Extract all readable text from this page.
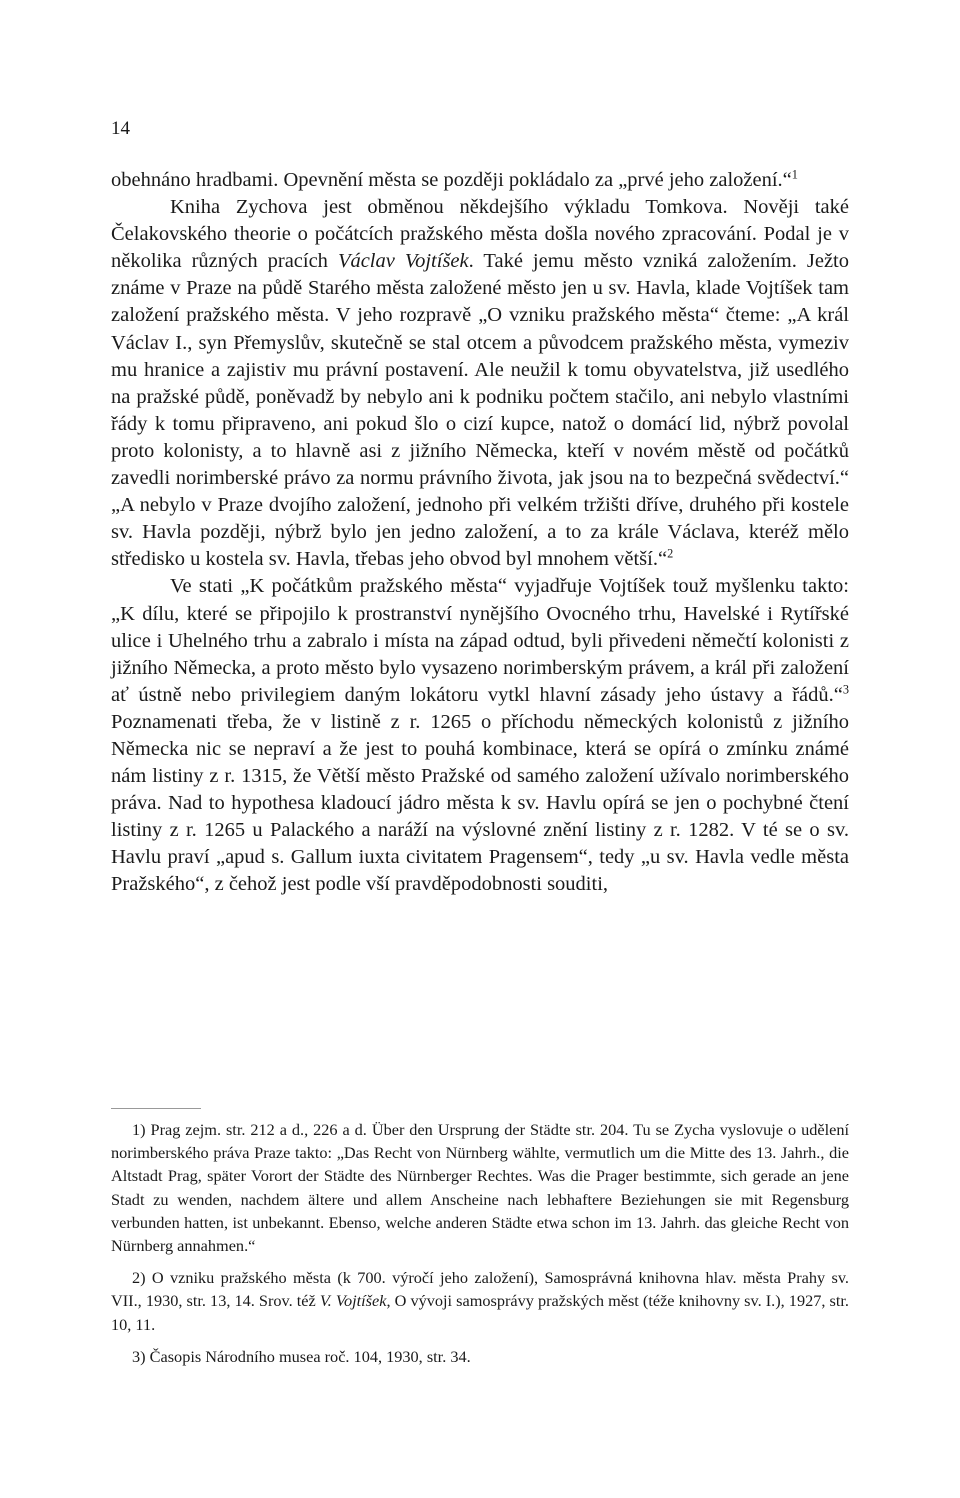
14

obehnáno hradbami. Opevnění města se později pokládalo za „prvé jeho založení.“$^1$

Kniha Zychova jest obměnou někdejšího výkladu Tomkova. Nověji také Čelakovského theorie o počátcích pražského města došla nového zpracování. Podal je v několika různých pracích Václav Vojtíšek. Také jemu město vzniká založením. Ježto známe v Praze na půdě Starého města založené město jen u sv. Havla, klade Vojtíšek tam založení pražského města. V jeho rozpravě „O vzniku pražského města“ čteme: „A král Václav I., syn Přemyslův, skutečně se stal otcem a původcem pražského města, vymeziv mu hranice a zajistiv mu právní postavení. Ale neužil k tomu obyvatelstva, již usedlého na pražské půdě, poněvadž by nebylo ani k podniku počtem stačilo, ani nebylo vlastními řády k tomu připraveno, ani pokud šlo o cizí kupce, natož o domácí lid, nýbrž povolal proto kolonisty, a to hlavně asi z jižního Německa, kteří v novém městě od počátků zavedli norimberské právo za normu právního života, jak jsou na to bezpečná svědectví.“ „A nebylo v Praze dvojího založení, jednoho při velkém tržišti dříve, druhého při kostele sv. Havla později, nýbrž bylo jen jedno založení, a to za krále Václava, kteréž mělo středisko u kostela sv. Havla, třebas jeho obvod byl mnohem větší.“$^2$

Ve stati „K počátkům pražského města“ vyjadřuje Vojtíšek touž myšlenku takto: „K dílu, které se připojilo k prostranství nynějšího Ovocného trhu, Havelské i Rytířské ulice i Uhelného trhu a zabralo i místa na západ odtud, byli přivedeni němečtí kolonisti z jižního Německa, a proto město bylo vysazeno norimberským právem, a král při založení ať ústně nebo privilegiem daným lokátoru vytkl hlavní zásady jeho ústavy a řádů.“$^3$ Poznamenati třeba, že v listině z r. 1265 o příchodu německých kolonistů z jižního Německa nic se nepraví a že jest to pouhá kombinace, která se opírá o zmínku známé nám listiny z r. 1315, že Větší město Pražské od samého založení užívalo norimberského práva. Nad to hypothesa kladoucí jádro města k sv. Havlu opírá se jen o pochybné čtení listiny z r. 1265 u Palackého a naráží na výslovné znění listiny z r. 1282. V té se o sv. Havlu praví „apud s. Gallum iuxta civitatem Pragensem“, tedy „u sv. Havla vedle města Pražského“, z čehož jest podle vší pravděpodobnosti souditi,

1) Prag zejm. str. 212 a d., 226 a d. Über den Ursprung der Städte str. 204. Tu se Zycha vyslovuje o udělení norimberského práva Praze takto: „Das Recht von Nürnberg wählte, vermutlich um die Mitte des 13. Jahrh., die Altstadt Prag, später Vorort der Städte des Nürnberger Rechtes. Was die Prager bestimmte, sich gerade an jene Stadt zu wenden, nachdem ältere und allem Anscheine nach lebhaftere Beziehungen sie mit Regensburg verbunden hatten, ist unbekannt. Ebenso, welche anderen Städte etwa schon im 13. Jahrh. das gleiche Recht von Nürnberg annahmen.“

2) O vzniku pražského města (k 700. výročí jeho založení), Samosprávná knihovna hlav. města Prahy sv. VII., 1930, str. 13, 14. Srov. též V. Vojtíšek, O vývoji samosprávy pražských měst (téže knihovny sv. I.), 1927, str. 10, 11.

3) Časopis Národního musea roč. 104, 1930, str. 34.
